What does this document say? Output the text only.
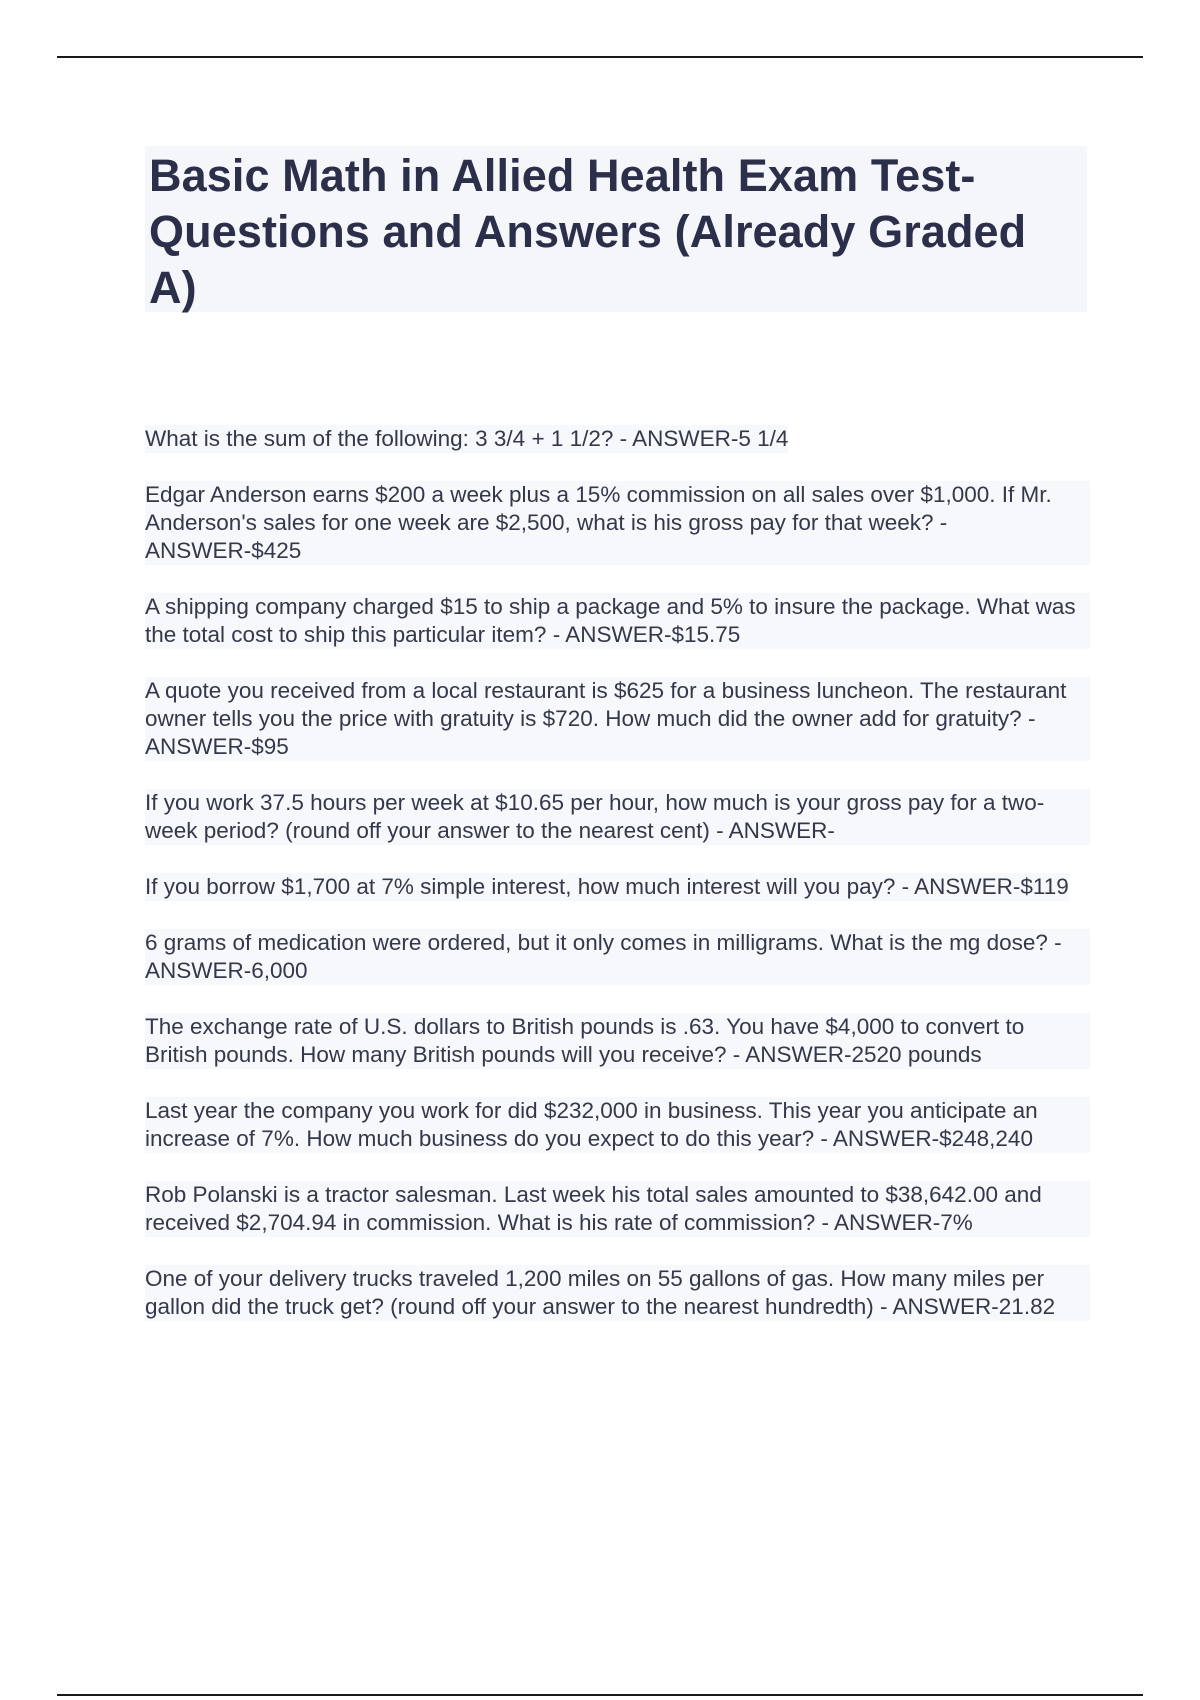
Basic Math in Allied Health Exam Test-Questions and Answers (Already Graded A)

What is the sum of the following: 3 3/4 + 1 1/2? - ANSWER-5 1/4

Edgar Anderson earns $200 a week plus a 15% commission on all sales over $1,000. If Mr. Anderson's sales for one week are $2,500, what is his gross pay for that week? - ANSWER-$425

A shipping company charged $15 to ship a package and 5% to insure the package. What was the total cost to ship this particular item? - ANSWER-$15.75

A quote you received from a local restaurant is $625 for a business luncheon. The restaurant owner tells you the price with gratuity is $720. How much did the owner add for gratuity? - ANSWER-$95

If you work 37.5 hours per week at $10.65 per hour, how much is your gross pay for a two-week period? (round off your answer to the nearest cent) - ANSWER-

If you borrow $1,700 at 7% simple interest, how much interest will you pay? - ANSWER-$119

6 grams of medication were ordered, but it only comes in milligrams. What is the mg dose? - ANSWER-6,000

The exchange rate of U.S. dollars to British pounds is .63. You have $4,000 to convert to British pounds. How many British pounds will you receive? - ANSWER-2520 pounds

Last year the company you work for did $232,000 in business. This year you anticipate an increase of 7%. How much business do you expect to do this year? - ANSWER-$248,240

Rob Polanski is a tractor salesman. Last week his total sales amounted to $38,642.00 and received $2,704.94 in commission. What is his rate of commission? - ANSWER-7%

One of your delivery trucks traveled 1,200 miles on 55 gallons of gas. How many miles per gallon did the truck get? (round off your answer to the nearest hundredth) - ANSWER-21.82
